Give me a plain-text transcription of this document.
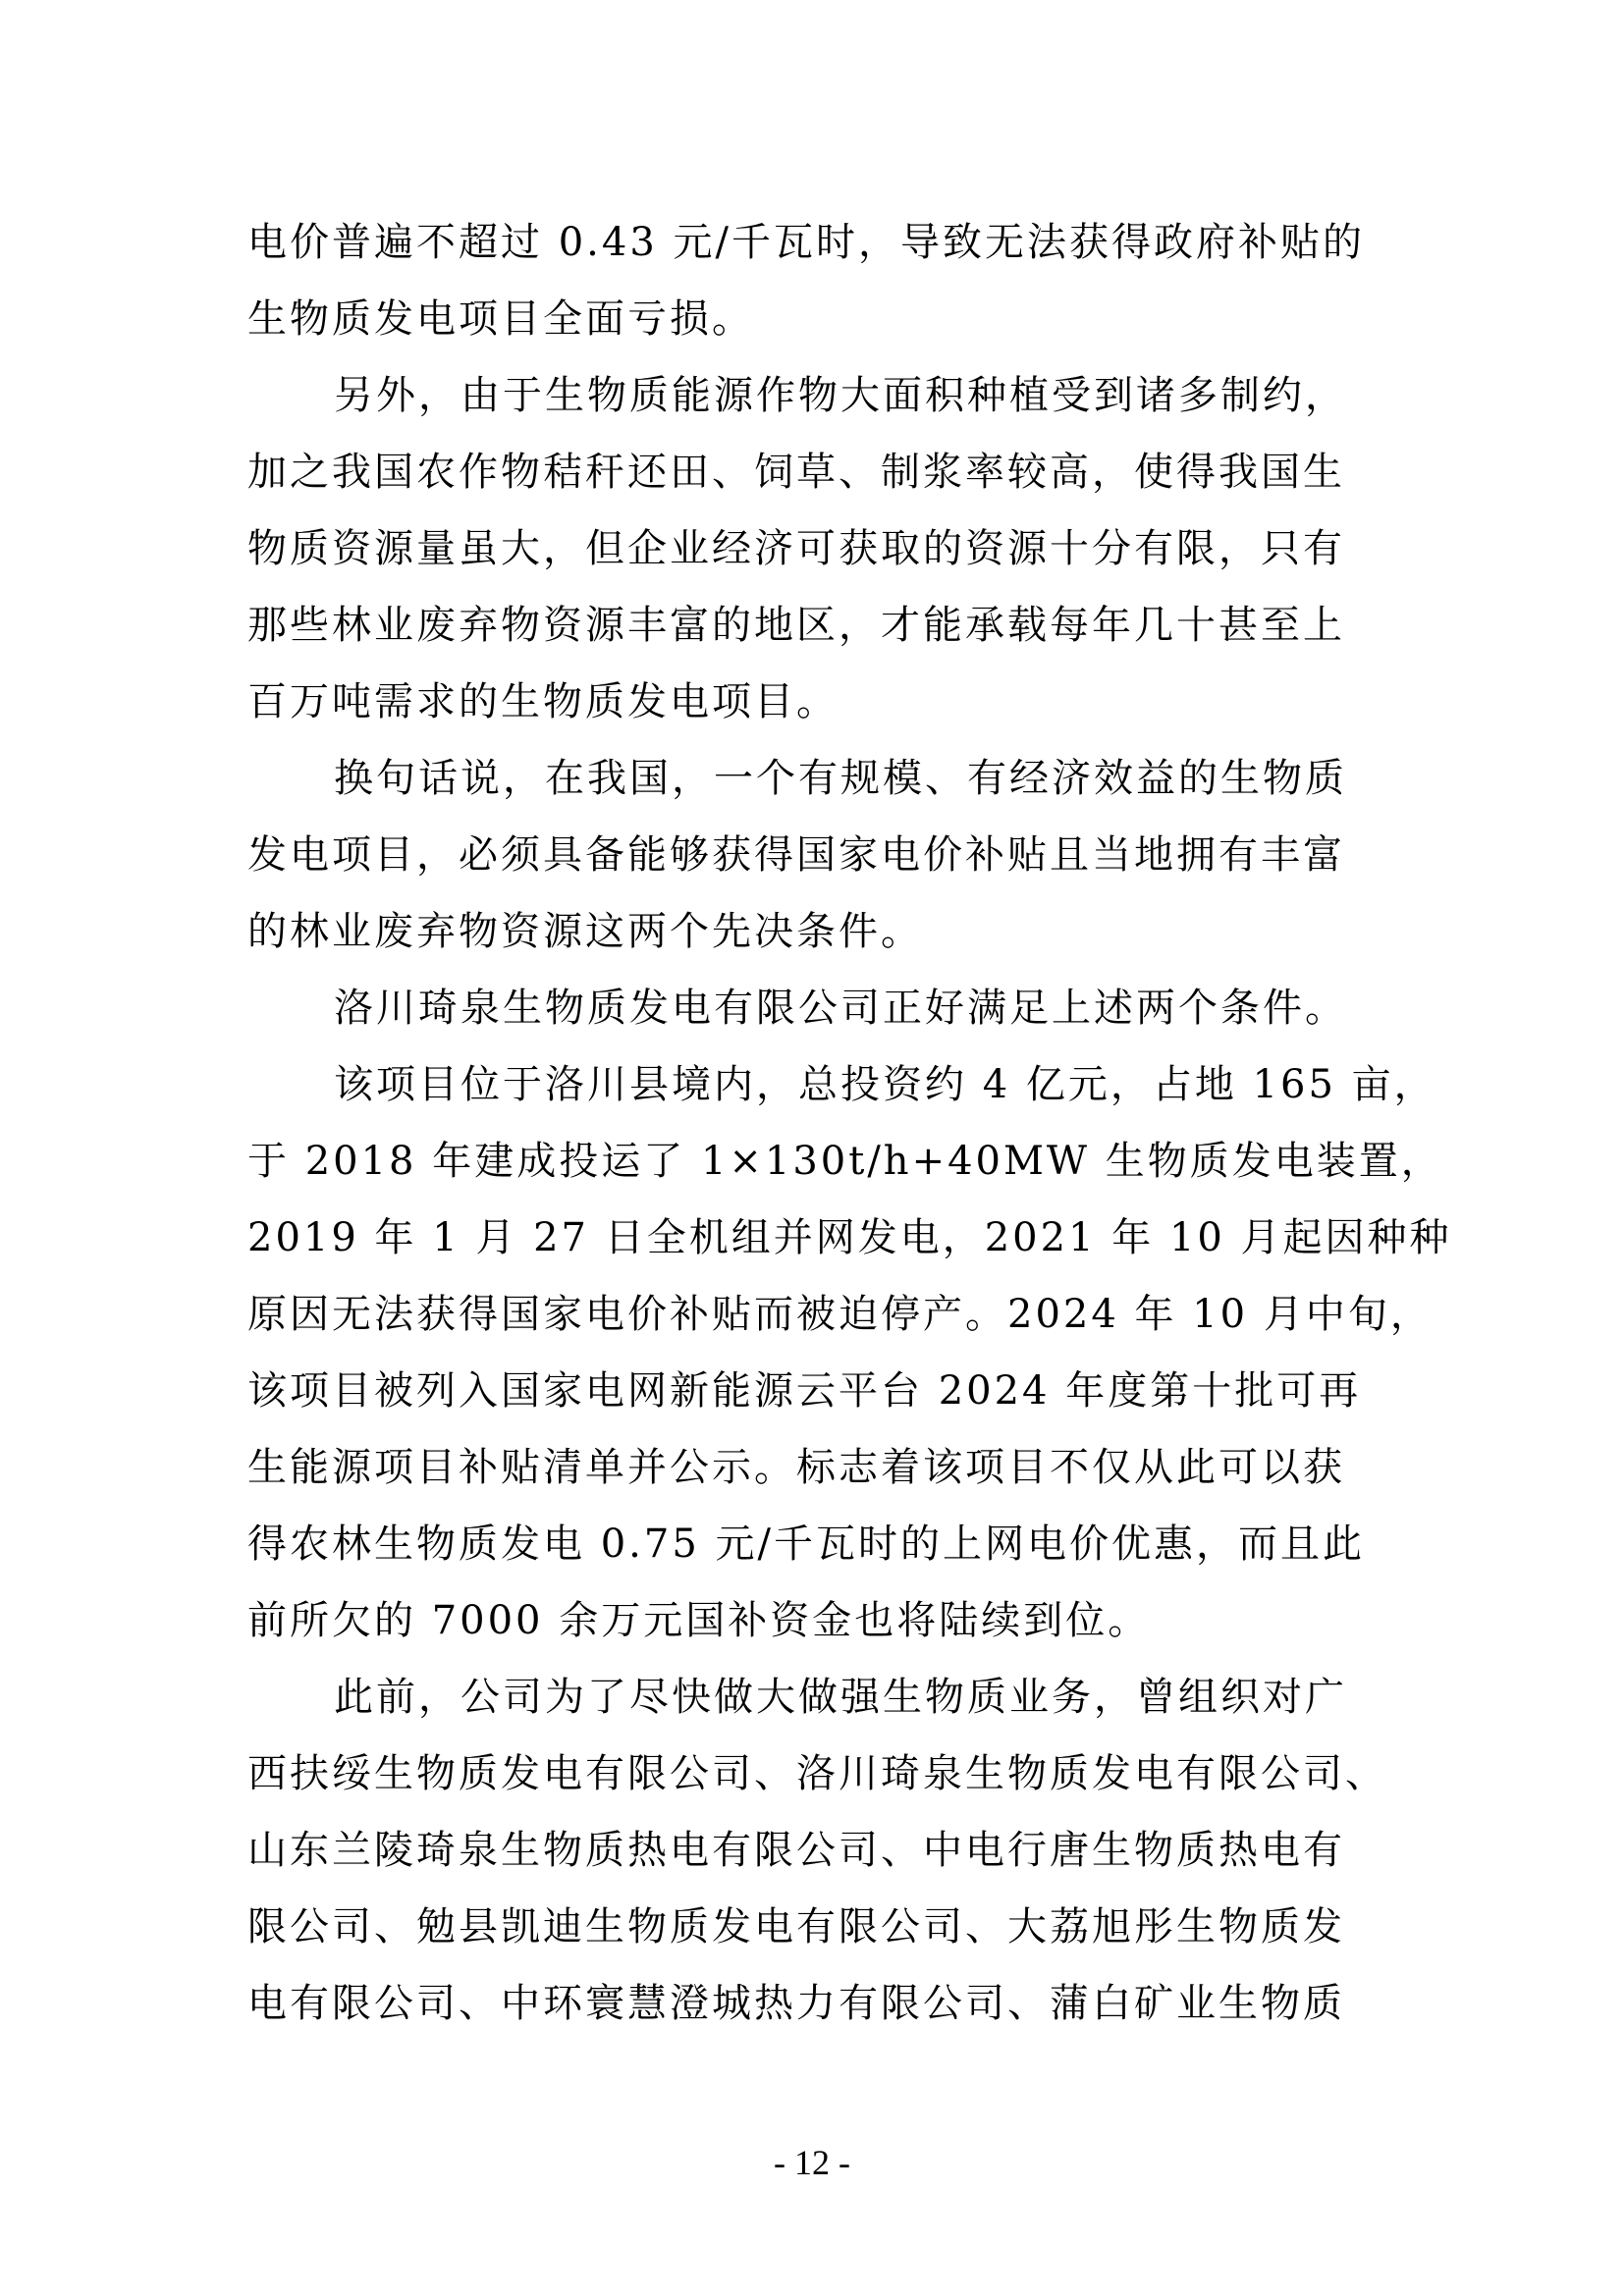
电价普遍不超过 0.43 元/千瓦时，导致无法获得政府补贴的
生物质发电项目全面亏损。
另外，由于生物质能源作物大面积种植受到诸多制约，
加之我国农作物秸秆还田、饲草、制浆率较高，使得我国生
物质资源量虽大，但企业经济可获取的资源十分有限，只有
那些林业废弃物资源丰富的地区，才能承载每年几十甚至上
百万吨需求的生物质发电项目。
换句话说，在我国，一个有规模、有经济效益的生物质
发电项目，必须具备能够获得国家电价补贴且当地拥有丰富
的林业废弃物资源这两个先决条件。
洛川琦泉生物质发电有限公司正好满足上述两个条件。
该项目位于洛川县境内，总投资约 4 亿元，占地 165 亩，
于 2018 年建成投运了 1×130t/h+40MW 生物质发电装置，
2019 年 1 月 27 日全机组并网发电，2021 年 10 月起因种种
原因无法获得国家电价补贴而被迫停产。2024 年 10 月中旬，
该项目被列入国家电网新能源云平台 2024 年度第十批可再
生能源项目补贴清单并公示。标志着该项目不仅从此可以获
得农林生物质发电 0.75 元/千瓦时的上网电价优惠，而且此
前所欠的 7000 余万元国补资金也将陆续到位。
此前，公司为了尽快做大做强生物质业务，曾组织对广
西扶绥生物质发电有限公司、洛川琦泉生物质发电有限公司、
山东兰陵琦泉生物质热电有限公司、中电行唐生物质热电有
限公司、勉县凯迪生物质发电有限公司、大荔旭彤生物质发
电有限公司、中环寰慧澄城热力有限公司、蒲白矿业生物质
- 12 -
